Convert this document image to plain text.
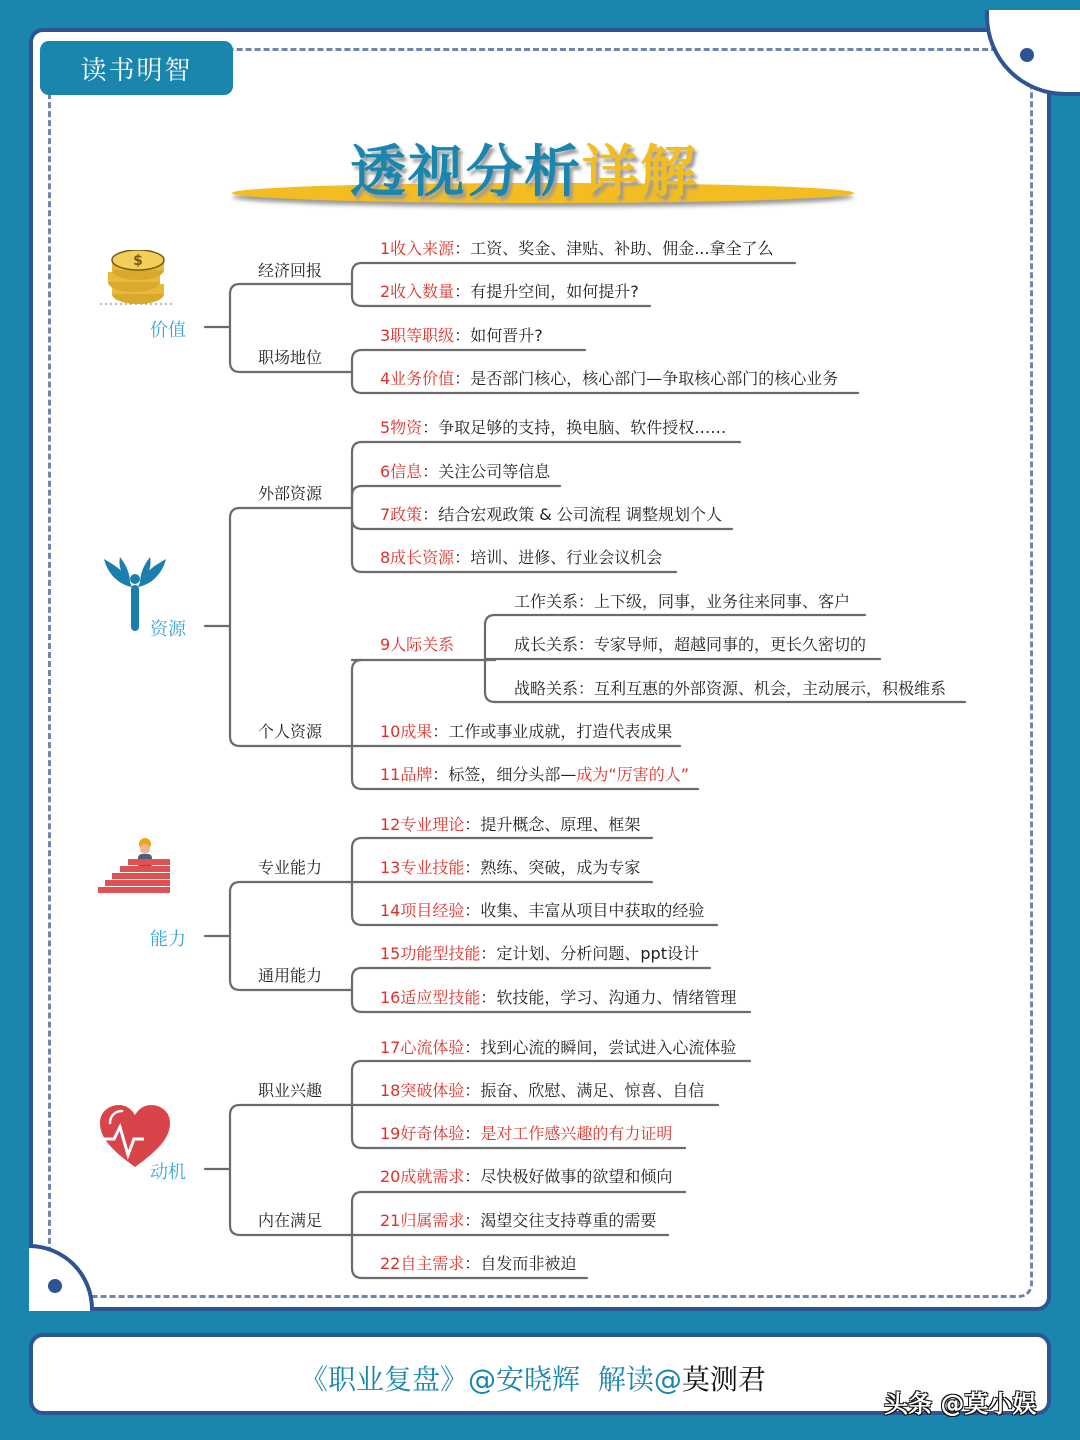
读书明智
透视分析详解
$
价值
资源
能力
动机
经济回报
职场地位
外部资源
个人资源
专业能力
通用能力
职业兴趣
内在满足
1收入来源：工资、奖金、津贴、补助、佣金...拿全了么
2收入数量：有提升空间，如何提升?
3职等职级：如何晋升?
4业务价值：是否部门核心，核心部门—争取核心部门的核心业务
5物资：争取足够的支持，换电脑、软件授权……
6信息：关注公司等信息
7政策：结合宏观政策 & 公司流程 调整规划个人
8成长资源：培训、进修、行业会议机会
9人际关系
工作关系：上下级，同事，业务往来同事、客户
成长关系：专家导师，超越同事的，更长久密切的
战略关系：互利互惠的外部资源、机会，主动展示，积极维系
10成果：工作或事业成就，打造代表成果
11品牌：标签，细分头部—成为“厉害的人”
12专业理论：提升概念、原理、框架
13专业技能：熟练、突破，成为专家
14项目经验：收集、丰富从项目中获取的经验
15功能型技能：定计划、分析问题、ppt设计
16适应型技能：软技能，学习、沟通力、情绪管理
17心流体验：找到心流的瞬间，尝试进入心流体验
18突破体验：振奋、欣慰、满足、惊喜、自信
19好奇体验：是对工作感兴趣的有力证明
20成就需求：尽快极好做事的欲望和倾向
21归属需求：渴望交往支持尊重的需要
22自主需求：自发而非被迫
《职业复盘》@安晓辉 解读@莫测君
头条 @莫小娱
